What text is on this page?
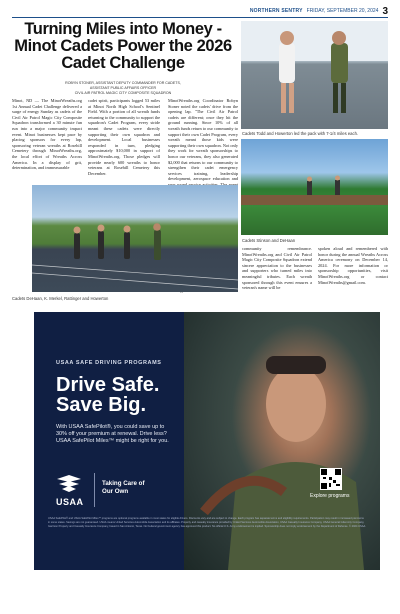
NORTHERN SENTRY FRIDAY, SEPTEMBER 20, 2024 3
Turning Miles into Money - Minot Cadets Power the 2026 Cadet Challenge
ROBYN STONER, ASSISTANT DEPUTY COMMANDER FOR CADETS,
ASSISTANT PUBLIC AFFAIRS OFFICER
CIVIL AIR PATROL MAGIC CITY COMPOSITE SQUADRON
Minot, ND — The MinotWreaths.org 1st Annual Cadet Challenge delivered a surge of energy Sunday as cadets of the Civil Air Patrol Magic City Composite Squadron transformed a 30 minute fun run into a major community impact event. Minot businesses kept pace by placing sponsors for every lap, sponsoring veteran wreaths at Rosehill Cemetery through MinotWreaths.org, the local effort of Wreaths Across America. In a display of grit, determination, and immeasurable
cadet spirit, participants logged 53 miles at Minot North High School's Sentinel Field. With a portion of all wreath funds returning to the community to support the squadron's Cadet Program, every stride meant these cadets were directly supporting their own squadron and development. Local businesses responded in turn, pledging approximately $10,000 in support of MinotWreaths.org. Those pledges will provide nearly 600 wreaths to honor veterans at Rosehill Cemetery this December.
MinotWreaths.org Coordinator Robyn Stoner noted the cadets' drive from the opening lap. "The Civil Air Patrol cadets are different; once they hit the ground running. Since 10% of all wreath funds return to our community to support their own Cadet Program, every wreath meant those kids were supporting their own squadron. Not only they work for wreath sponsorships to honor our veterans, they also generated $2,000 that returns to our community to strengthen their cadet emergency services training, leadership development, aerospace education and
Cadets DeHaan, K. Merkel, Rattinger and Howerton
Cadets Todd and Howerton led the pack with 7-1/4 miles each.
Cadets Stinson and DeHaan
community remembrance. MinotWreaths.org and Civil Air Patrol Magic City Composite Squadron extend sincere appreciation to the businesses and supporters who turned miles into meaningful tributes. Each wreath sponsored through this event ensures a veteran's name will be
spoken aloud and remembered with honor during the annual Wreaths Across America ceremony on December 14, 2024. For more information or sponsorship opportunities, visit MinotWreaths.org or contact MinotWreaths@gmail.com.
USAA SAFE DRIVING PROGRAMS
Drive Safe.
Save Big.
With USAA SafePilot®, you could save up to 30% off your premium at renewal. Drive less? USAA SafePilot Miles™ might be right for you.
USAA
Taking Care of
Our Own
Explore programs
USAA SafePilot® and USAA SafePilot Miles™ programs are optional programs available in most states for eligible drivers. Discounts vary and are subject to change. Each program has separate terms and eligibility requirements. Participation may result in increased premiums in some states. Savings are not guaranteed. USAA means United Services Automobile Association and its affiliates. Property and casualty insurance provided by United Services Automobile Association, USAA Casualty Insurance Company, USAA General Indemnity Company, Garrison Property and Casualty Insurance Company, based in San Antonio, Texas. No Federal government agency has approved this product. No official U.S. Army endorsement is implied. Sponsorship does not imply endorsement by the Department of Defense. © 2024 USAA.
